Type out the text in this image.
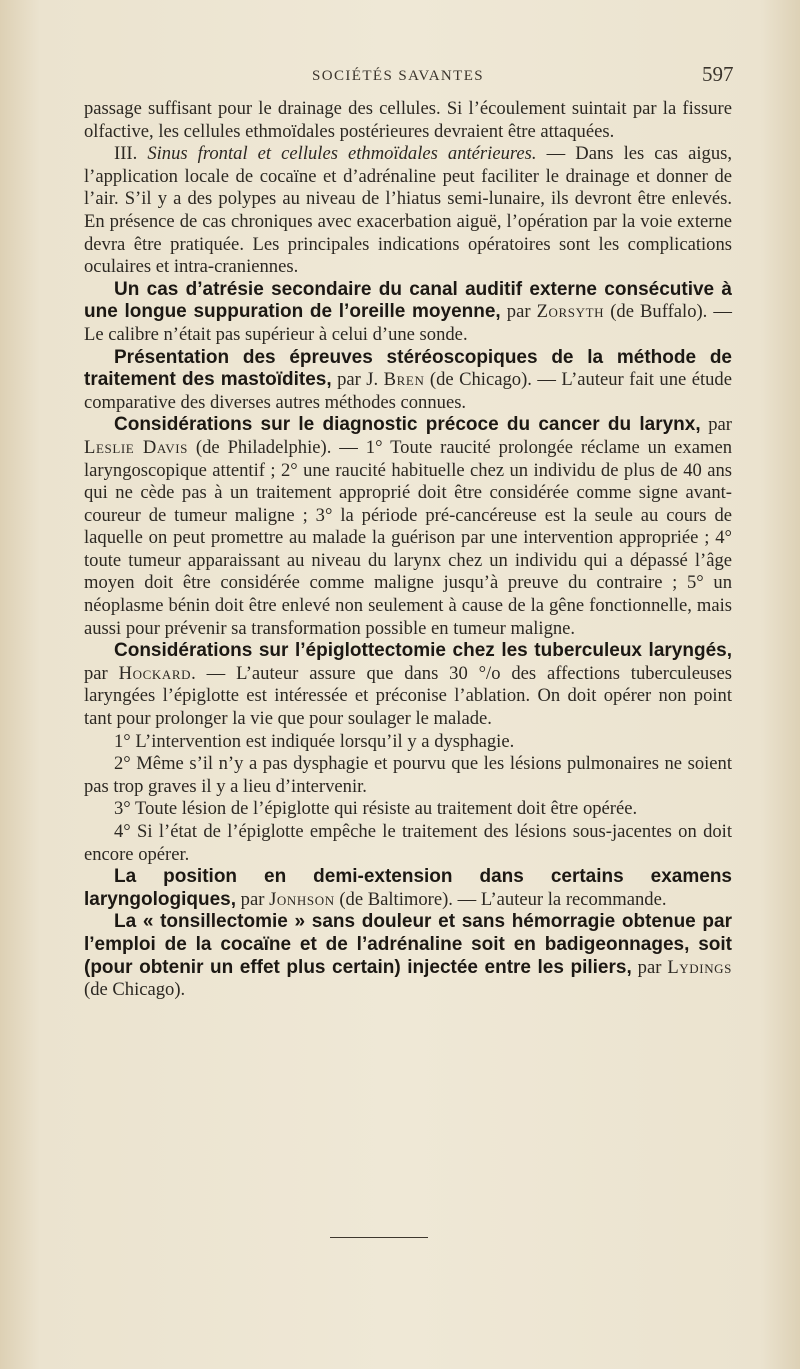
SOCIÉTÉS SAVANTES	597

passage suffisant pour le drainage des cellules. Si l’écoulement suintait par la fissure olfactive, les cellules ethmoïdales postérieures devraient être attaquées.

III. Sinus frontal et cellules ethmoïdales antérieures. — Dans les cas aigus, l’application locale de cocaïne et d’adrénaline peut faciliter le drainage et donner de l’air. S’il y a des polypes au niveau de l’hiatus semi-lunaire, ils devront être enlevés. En présence de cas chroniques avec exacerbation aiguë, l’opération par la voie externe devra être pratiquée. Les principales indications opératoires sont les complications oculaires et intra-craniennes.

Un cas d’atrésie secondaire du canal auditif externe consécutive à une longue suppuration de l’oreille moyenne, par Zorsyth (de Buffalo). — Le calibre n’était pas supérieur à celui d’une sonde.

Présentation des épreuves stéréoscopiques de la méthode de traitement des mastoïdites, par J. Bren (de Chicago). — L’auteur fait une étude comparative des diverses autres méthodes connues.

Considérations sur le diagnostic précoce du cancer du larynx, par Leslie Davis (de Philadelphie). — 1° Toute raucité prolongée réclame un examen laryngoscopique attentif ; 2° une raucité habituelle chez un individu de plus de 40 ans qui ne cède pas à un traitement approprié doit être considérée comme signe avant-coureur de tumeur maligne ; 3° la période pré-cancéreuse est la seule au cours de laquelle on peut promettre au malade la guérison par une intervention appropriée ; 4° toute tumeur apparaissant au niveau du larynx chez un individu qui a dépassé l’âge moyen doit être considérée comme maligne jusqu’à preuve du contraire ; 5° un néoplasme bénin doit être enlevé non seulement à cause de la gêne fonctionnelle, mais aussi pour prévenir sa transformation possible en tumeur maligne.

Considérations sur l’épiglottectomie chez les tuberculeux laryngés, par Hockard. — L’auteur assure que dans 30 °/o des affections tuberculeuses laryngées l’épiglotte est intéressée et préconise l’ablation. On doit opérer non point tant pour prolonger la vie que pour soulager le malade.

1° L’intervention est indiquée lorsqu’il y a dysphagie.

2° Même s’il n’y a pas dysphagie et pourvu que les lésions pulmonaires ne soient pas trop graves il y a lieu d’intervenir.

3° Toute lésion de l’épiglotte qui résiste au traitement doit être opérée.

4° Si l’état de l’épiglotte empêche le traitement des lésions sous-jacentes on doit encore opérer.

La position en demi-extension dans certains examens laryngologiques, par Jonhson (de Baltimore). — L’auteur la recommande.

La « tonsillectomie » sans douleur et sans hémorragie obtenue par l’emploi de la cocaïne et de l’adrénaline soit en badigeonnages, soit (pour obtenir un effet plus certain) injectée entre les piliers, par Lydings (de Chicago).
